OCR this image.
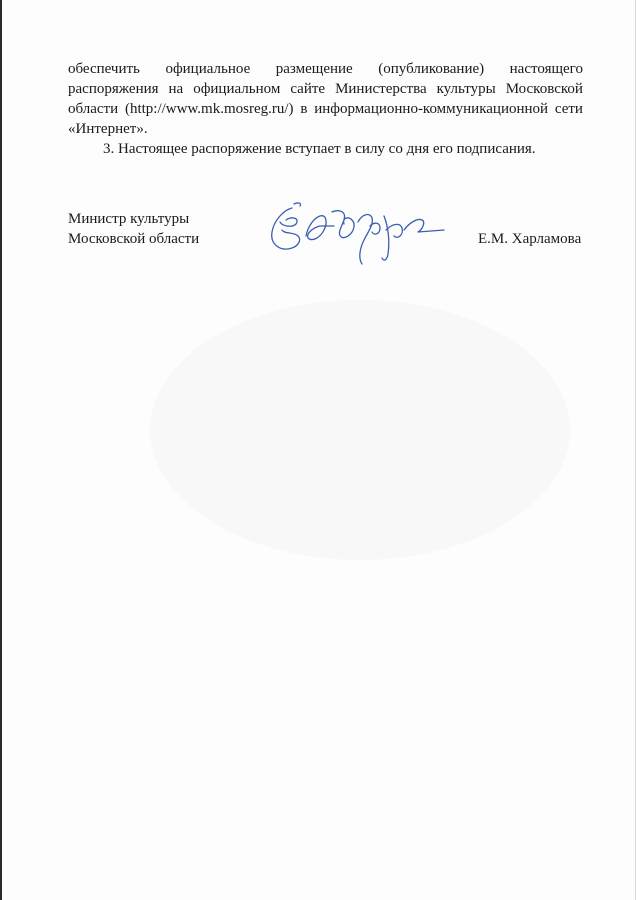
обеспечить официальное размещение (опубликование) настоящего
распоряжения на официальном сайте Министерства культуры Московской
области (http://www.mk.mosreg.ru/) в информационно-коммуникационной сети
«Интернет».
3. Настоящее распоряжение вступает в силу со дня его подписания.
Министр культуры
Московской области	Е.М. Харламова
